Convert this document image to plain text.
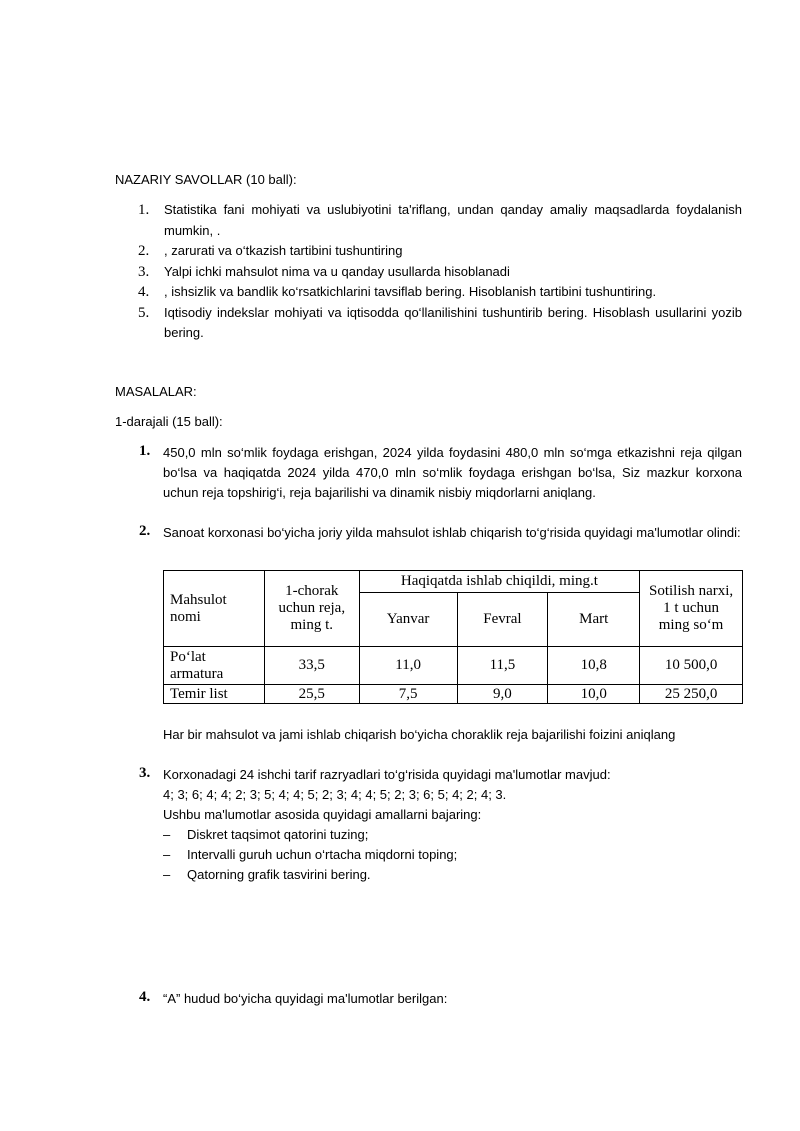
NAZARIY SAVOLLAR (10 ball):
1. Statistika fani mohiyati va uslubiyotini ta'riflang, undan qanday amaliy maqsadlarda foydalanish mumkin, .
2. , zarurati va o‘tkazish tartibini tushuntiring
3. Yalpi ichki mahsulot nima va u qanday usullarda hisoblanadi
4. , ishsizlik va bandlik ko‘rsatkichlarini tavsiflab bering. Hisoblanish tartibini tushuntiring.
5. Iqtisodiy indekslar mohiyati va iqtisodda qo‘llanilishini tushuntirib bering. Hisoblash usullarini yozib bering.
MASALALAR:
1-darajali (15 ball):
1. 450,0 mln so‘mlik foydaga erishgan, 2024 yilda foydasini 480,0 mln so‘mga etkazishni reja qilgan bo‘lsa va haqiqatda 2024 yilda 470,0 mln so‘mlik foydaga erishgan bo‘lsa, Siz mazkur korxona uchun reja topshirig‘i, reja bajarilishi va dinamik nisbiy miqdorlarni aniqlang.
2. Sanoat korxonasi bo‘yicha joriy yilda mahsulot ishlab chiqarish to‘g‘risida quyidagi ma'lumotlar olindi:
Mahsulot nomi	1-chorak uchun reja, ming t.	Haqiqatda ishlab chiqildi, ming.t			Sotilish narxi, 1 t uchun ming so‘m
		Yanvar	Fevral	Mart	
Po‘lat armatura	33,5	11,0	11,5	10,8	10 500,0
Temir list	25,5	7,5	9,0	10,0	25 250,0
Har bir mahsulot va jami ishlab chiqarish bo‘yicha choraklik reja bajarilishi foizini aniqlang
3. Korxonadagi 24 ishchi tarif razryadlari to‘g‘risida quyidagi ma'lumotlar mavjud:
4; 3; 6; 4; 4; 2; 3; 5; 4; 4; 5; 2; 3; 4; 4; 5; 2; 3; 6; 5; 4; 2; 4; 3.
Ushbu ma'lumotlar asosida quyidagi amallarni bajaring:
– Diskret taqsimot qatorini tuzing;
– Intervalli guruh uchun o‘rtacha miqdorni toping;
– Qatorning grafik tasvirini bering.
4. “A” hudud bo‘yicha quyidagi ma'lumotlar berilgan:
